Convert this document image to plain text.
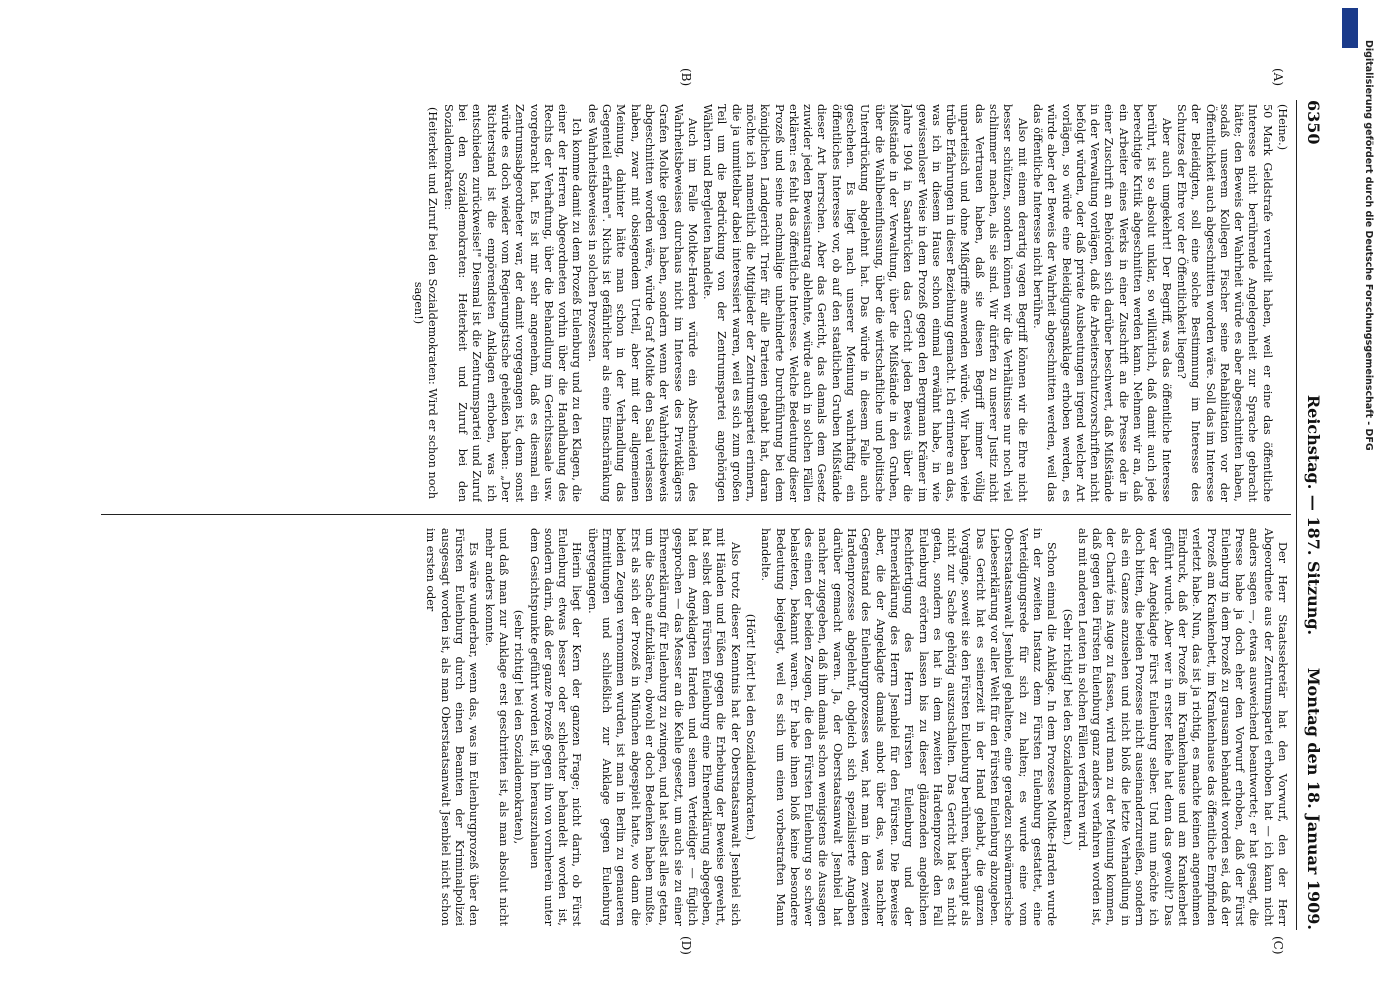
6350
Reichstag. — 187. Sitzung.
Montag den 18. Januar 1909.
(A)
(B)
(C)
(D)

(Heine.)

50 Mark Geldstrafe verurteilt haben, weil er eine das öffentliche Interesse nicht berührende Angelegenheit zur Sprache gebracht hätte; den Beweis der Wahrheit würde es aber abgeschnitten haben, sodaß unserem Kollegen Fischer seine Rehabilitation vor der Öffentlichkeit auch abgeschnitten worden wäre. Soll das im Interesse der Beleidigten, soll eine solche Bestimmung im Interesse des Schutzes der Ehre vor der Öffentlichkeit liegen?

Aber auch umgekehrt! Der Begriff, was das öffentliche Interesse berührt, ist so absolut unklar, so willkürlich, daß damit auch jede berechtigte Kritik abgeschnitten werden kann. Nehmen wir an, daß ein Arbeiter eines Werks in einer Zuschrift an die Presse oder in einer Zuschrift an Behörden sich darüber beschwert, daß Mißstände in der Verwaltung vorlägen, daß die Arbeiterschutzvorschriften nicht befolgt würden, oder daß private Ausbeutungen irgend welcher Art vorlägen, so würde eine Beleidigungsanklage erhoben werden, es würde aber der Beweis der Wahrheit abgeschnitten werden, weil das das öffentliche Interesse nicht berühre.

Also mit einem derartig vagen Begriff können wir die Ehre nicht besser schützen, sondern können wir die Verhältnisse nur noch viel schlimmer machen, als sie sind. Wir dürfen zu unserer Justiz nicht das Vertrauen haben, daß sie diesen Begriff immer völlig unparteiisch und ohne Mißgriffe anwenden würde. Wir haben viele trübe Erfahrungen in dieser Beziehung gemacht. Ich erinnere an das, was ich in diesem Hause schon einmal erwähnt habe, in wie gewissenloser Weise in dem Prozeß gegen den Bergmann Krämer im Jahre 1904 in Saarbrücken das Gericht jeden Beweis über die Mißstände in der Verwaltung, über die Mißstände in den Gruben, über die Wahlbeeinflussung, über die wirtschaftliche und politische Unterdrückung abgelehnt hat. Das würde in diesem Falle auch geschehen. Es liegt nach unserer Meinung wahrhaftig ein öffentliches Interesse vor, ob auf den staatlichen Gruben Mißstände dieser Art herrschen. Aber das Gericht, das damals dem Gesetz zuwider jeden Beweisantrag ablehnte, würde auch in solchen Fällen erklären: es fehlt das öffentliche Interesse. Welche Bedeutung dieser Prozeß und seine nachmalige unbehinderte Durchführung bei dem königlichen Landgericht Trier für alle Parteien gehabt hat, daran möchte ich namentlich die Mitglieder der Zentrumspartei erinnern, die ja unmittelbar dabei interessiert waren, weil es sich zum großen Teil um die Bedrückung von der Zentrumspartei angehörigen Wählern und Bergleuten handelte.

Auch im Falle Moltke-Harden würde ein Abschneiden des Wahrheitsbeweises durchaus nicht im Interesse des Privatklägers Grafen Moltke gelegen haben, sondern wenn der Wahrheitsbeweis abgeschnitten worden wäre, würde Graf Moltke den Saal verlassen haben, zwar mit obsiegendem Urteil, aber mit der allgemeinen Meinung, dahinter hätte man schon in der Verhandlung das Gegenteil erfahren". Nichts ist gefährlicher als eine Einschränkung des Wahrheitsbeweises in solchen Prozessen.

Ich komme damit zu dem Prozeß Eulenburg und zu den Klagen, die einer der Herren Abgeordneten vorhin über die Handhabung des Rechts der Verhaftung, über die Behandlung im Gerichtssaale usw. vorgebracht hat. Es ist mir sehr angenehm, daß es diesmal ein Zentrumsabgeordneter war, der damit vorgegangen ist, denn sonst würde es doch wieder vom Regierungstische geheißen haben: „Der Richterstand ist die empörendsten Anklagen erhoben, was ich entschieden zurückweise!" Diesmal ist die Zentrumspartei und Zuruf bei den Sozialdemokraten: Heiterkeit und Zuruf bei den Sozialdemokraten:

(Heiterkeit und Zuruf bei den Sozialdemokraten: Wird er schon noch sagen!)

Der Herr Staatssekretär hat den Vorwurf, den der Herr Abgeordnete aus der Zentrumspartei erhoben hat — ich kann nicht anders sagen —, etwas ausweichend beantwortet; er hat gesagt, die Presse habe ja doch eher den Vorwurf erhoben, daß der Fürst Eulenburg in dem Prozeß zu grausam behandelt worden sei, daß der Prozeß am Krankenbett, im Krankenhause das öffentliche Empfinden verletzt habe. Nun, das ist ja richtig, es machte keinen angenehmen Eindruck, daß der Prozeß im Krankenhause und am Krankenbett geführt wurde. Aber wer in erster Reihe hat denn das gewollt? Das war der Angeklagte Fürst Eulenburg selber. Und nun möchte ich doch bitten, die beiden Prozesse nicht auseinanderzureißen, sondern als ein Ganzes anzusehen und nicht bloß die letzte Verhandlung in der Charité ins Auge zu fassen, wird man zu der Meinung kommen, daß gegen den Fürsten Eulenburg ganz anders verfahren worden ist, als mit anderen Leuten in solchen Fällen verfahren wird.

(Sehr richtig! bei den Sozialdemokraten.)

Schon einmal die Anklage. In dem Prozesse Moltke-Harden wurde in der zweiten Instanz dem Fürsten Eulenburg gestattet, eine Verteidigungsrede für sich zu halten; es wurde eine vom Oberstaatsanwalt Jsenbiel gehaltene, eine geradezu schwärmerische Liebeserklärung vor aller Welt für den Fürsten Eulenburg abzugeben. Das Gericht hat es seinerzeit in der Hand gehabt, die ganzen Vorgänge, soweit sie den Fürsten Eulenburg berühren, überhaupt als nicht zur Sache gehörig auszuschalten. Das Gericht hat es nicht getan, sondern es hat in dem zweiten Hardenprozeß den Fall Eulenburg erörtern lassen bis zu dieser glänzenden angeblichen Rechtfertigung des Herrn Fürsten Eulenburg und der Ehrenerklärung des Herrn Jsenbiel für den Fürsten. Die Beweise aber, die der Angeklagte damals anbot über das, was nachher Gegenstand des Eulenburgprozesses war, hat man in dem zweiten Hardenprozesse abgelehnt, obgleich sich spezialisierte Angaben darüber gemacht waren. Ja, der Oberstaatsanwalt Jsenbiel hat nachher zugegeben, daß ihm damals schon wenigstens die Aussagen des einen der beiden Zeugen, die den Fürsten Eulenburg so schwer belasteten, bekannt waren. Er habe ihnen bloß keine besondere Bedeutung beigelegt, weil es sich um einen vorbestraften Mann handelte.

(Hört! hört! bei den Sozialdemokraten.)

Also trotz dieser Kenntnis hat der Oberstaatsanwalt Jsenbiel sich mit Händen und Füßen gegen die Erhebung der Beweise gewehrt, hat selbst dem Fürsten Eulenburg eine Ehrenerklärung abgegeben, hat dem Angeklagten Harden und seinem Verteidiger — füglich gesprochen — das Messer an die Kehle gesetzt, um auch sie zu einer Ehrenerklärung für Eulenburg zu zwingen, und hat selbst alles getan, um die Sache aufzuklären, obwohl er doch Bedenken haben mußte. Erst als sich der Prozeß in München abgespielt hatte, wo dann die beiden Zeugen vernommen wurden, ist man in Berlin zu genaueren Ermittlungen und schließlich zur Anklage gegen Eulenburg übergegangen.

Hierin liegt der Kern der ganzen Frage; nicht darin, ob Fürst Eulenburg etwas besser oder schlechter behandelt worden ist, sondern darin, daß der ganze Prozeß gegen ihn von vornherein unter dem Gesichtspunkte geführt worden ist, ihn herauszuhauen

(sehr richtig! bei den Sozialdemokraten),

und daß man zur Anklage erst geschritten ist, als man absolut nicht mehr anders konnte.

Es wäre wunderbar, wenn das, was im Eulenburgprozeß über den Fürsten Eulenburg durch einen Beamten der Kriminalpolizei ausgesagt worden ist, als man Oberstaatsanwalt Jsenbiel nicht schon im ersten oder

Digitalisierung gefördert durch die Deutsche Forschungsgemeinschaft - DFG
